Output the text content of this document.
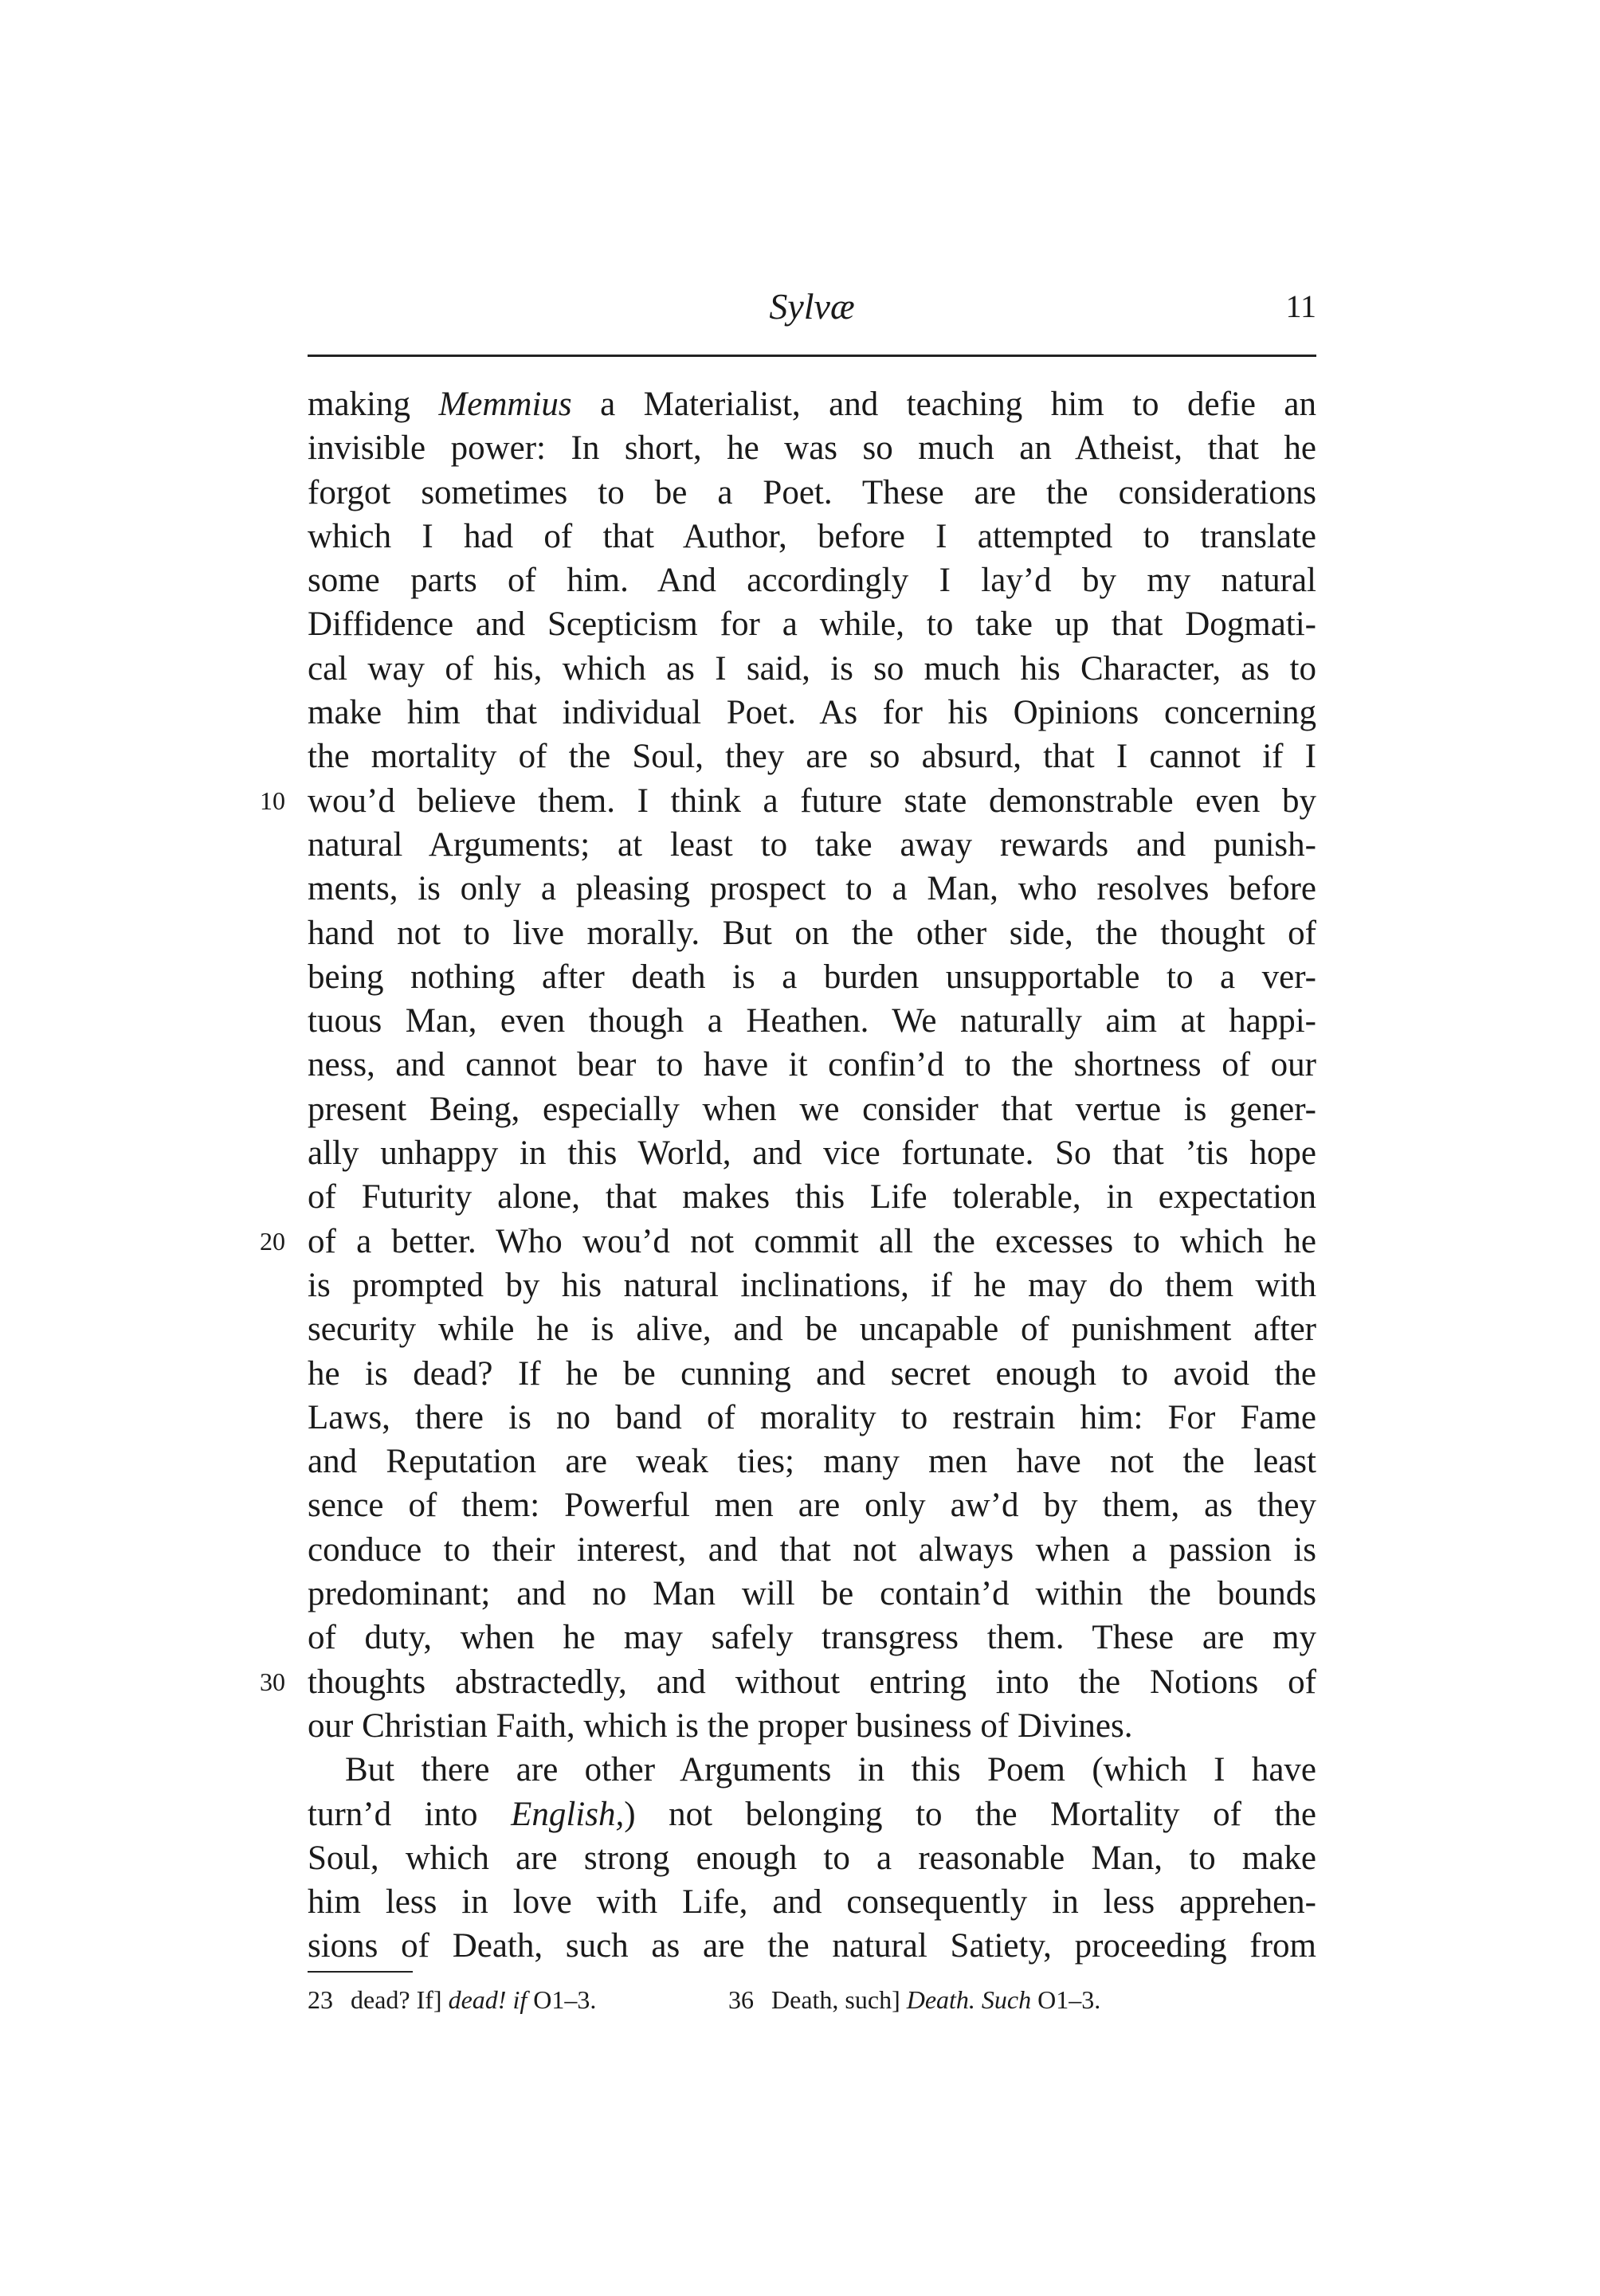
Sylvæ	11
making Memmius a Materialist, and teaching him to defie an
invisible power: In short, he was so much an Atheist, that he
forgot sometimes to be a Poet. These are the considerations
which I had of that Author, before I attempted to translate
some parts of him. And accordingly I lay’d by my natural
Diffidence and Scepticism for a while, to take up that Dogmati-
cal way of his, which as I said, is so much his Character, as to
make him that individual Poet. As for his Opinions concerning
the mortality of the Soul, they are so absurd, that I cannot if I
10 wou’d believe them. I think a future state demonstrable even by
natural Arguments; at least to take away rewards and punish-
ments, is only a pleasing prospect to a Man, who resolves before
hand not to live morally. But on the other side, the thought of
being nothing after death is a burden unsupportable to a ver-
tuous Man, even though a Heathen. We naturally aim at happi-
ness, and cannot bear to have it confin’d to the shortness of our
present Being, especially when we consider that vertue is gener-
ally unhappy in this World, and vice fortunate. So that ’tis hope
of Futurity alone, that makes this Life tolerable, in expectation
20 of a better. Who wou’d not commit all the excesses to which he
is prompted by his natural inclinations, if he may do them with
security while he is alive, and be uncapable of punishment after
he is dead? If he be cunning and secret enough to avoid the
Laws, there is no band of morality to restrain him: For Fame
and Reputation are weak ties; many men have not the least
sence of them: Powerful men are only aw’d by them, as they
conduce to their interest, and that not always when a passion is
predominant; and no Man will be contain’d within the bounds
of duty, when he may safely transgress them. These are my
30 thoughts abstractedly, and without entring into the Notions of
our Christian Faith, which is the proper business of Divines.
But there are other Arguments in this Poem (which I have
turn’d into English,) not belonging to the Mortality of the
Soul, which are strong enough to a reasonable Man, to make
him less in love with Life, and consequently in less apprehen-
sions of Death, such as are the natural Satiety, proceeding from
23 dead? If] dead! if O1–3.	36 Death, such] Death. Such O1–3.
